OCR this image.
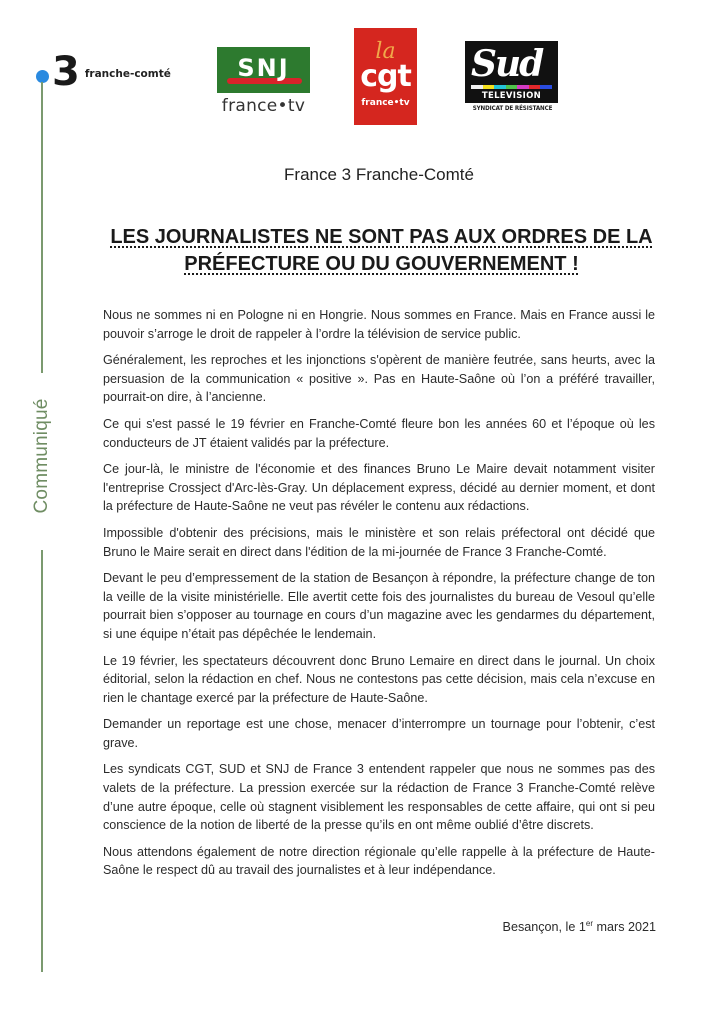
Communiqué
3 franche-comté	SNJ
france•tv
la
cgt
france•tv
Sud
TELEVISION
SYNDICAT DE RÉSISTANCE
France 3 Franche-Comté
LES JOURNALISTES NE SONT PAS AUX ORDRES DE LA
PRÉFECTURE OU DU GOUVERNEMENT !

Nous ne sommes ni en Pologne ni en Hongrie. Nous sommes en France. Mais en France aussi le pouvoir s’arroge le droit de rappeler à l’ordre la télévision de service public.

Généralement, les reproches et les injonctions s'opèrent de manière feutrée, sans heurts, avec la persuasion de la communication « positive ». Pas en Haute-Saône où l’on a préféré travailler, pourrait-on dire, à l’ancienne.

Ce qui s'est passé le 19 février en Franche-Comté fleure bon les années 60 et l’époque où les conducteurs de JT étaient validés par la préfecture.

Ce jour-là, le ministre de l'économie et des finances Bruno Le Maire devait notamment visiter l'entreprise Crossject d'Arc-lès-Gray. Un déplacement express, décidé au dernier moment, et dont la préfecture de Haute-Saône ne veut pas révéler le contenu aux rédactions.

Impossible d'obtenir des précisions, mais le ministère et son relais préfectoral ont décidé que Bruno le Maire serait en direct dans l'édition de la mi-journée de France 3 Franche-Comté.

Devant le peu d’empressement de la station de Besançon à répondre, la préfecture change de ton la veille de la visite ministérielle. Elle avertit cette fois des journalistes du bureau de Vesoul qu’elle pourrait bien s’opposer au tournage en cours d’un magazine avec les gendarmes du département, si une équipe n’était pas dépêchée le lendemain.

Le 19 février, les spectateurs découvrent donc Bruno Lemaire en direct dans le journal. Un choix éditorial, selon la rédaction en chef. Nous ne contestons pas cette décision, mais cela n’excuse en rien le chantage exercé par la préfecture de Haute-Saône.

Demander un reportage est une chose, menacer d’interrompre un tournage pour l’obtenir, c’est grave.

Les syndicats CGT, SUD et SNJ de France 3 entendent rappeler que nous ne sommes pas des valets de la préfecture. La pression exercée sur la rédaction de France 3 Franche-Comté relève d’une autre époque, celle où stagnent visiblement les responsables de cette affaire, qui ont si peu conscience de la notion de liberté de la presse qu’ils en ont même oublié d’être discrets.

Nous attendons également de notre direction régionale qu’elle rappelle à la préfecture de Haute-Saône le respect dû au travail des journalistes et à leur indépendance.

Besançon, le 1er mars 2021
